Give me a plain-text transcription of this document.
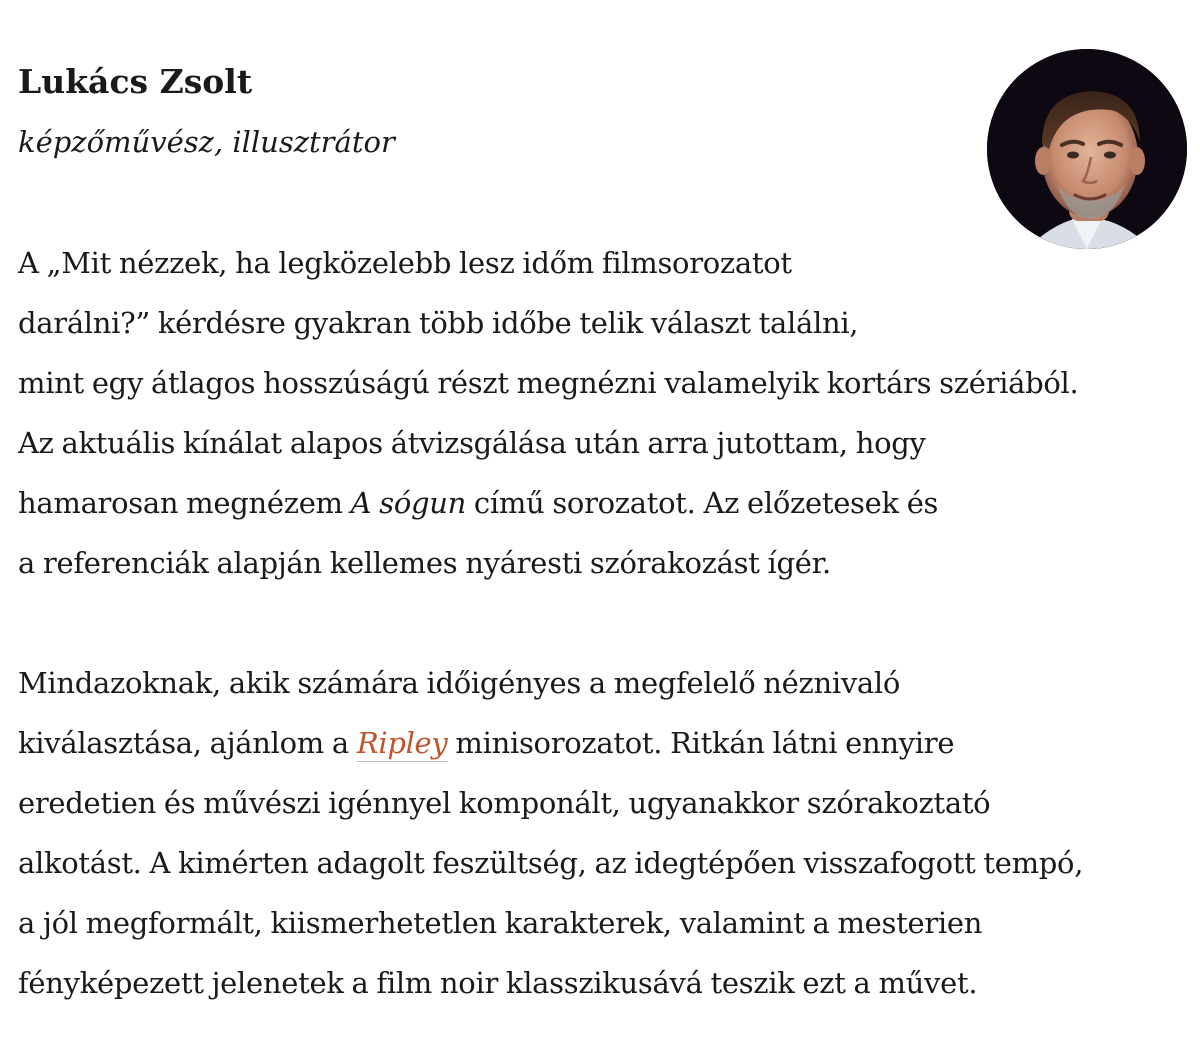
Lukács Zsolt
képzőművész, illusztrátor
A „Mit nézzek, ha legközelebb lesz időm filmsorozatot
darálni?” kérdésre gyakran több időbe telik választ találni,
mint egy átlagos hosszúságú részt megnézni valamelyik kortárs szériából.
Az aktuális kínálat alapos átvizsgálása után arra jutottam, hogy
hamarosan megnézem A sógun című sorozatot. Az előzetesek és
a referenciák alapján kellemes nyáresti szórakozást ígér.
Mindazoknak, akik számára időigényes a megfelelő néznivaló
kiválasztása, ajánlom a Ripley minisorozatot. Ritkán látni ennyire
eredetien és művészi igénnyel komponált, ugyanakkor szórakoztató
alkotást. A kimérten adagolt feszültség, az idegtépően visszafogott tempó,
a jól megformált, kiismerhetetlen karakterek, valamint a mesterien
fényképezett jelenetek a film noir klasszikusává teszik ezt a művet.
